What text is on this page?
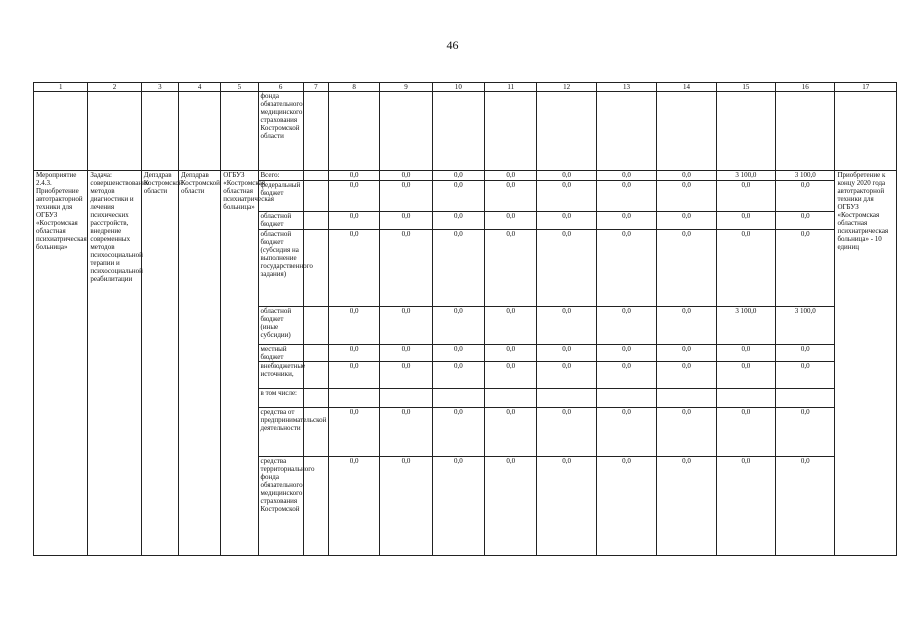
46
1	2	3	4	5	6	7	8	9	10	11	12	13	14	15	16	17
					фонда обязательного медицинского страхования Костромской области											
Мероприятие 2.4.3. Приобретение автотракторной техники для ОГБУЗ «Костромская областная психиатрическая больница»	Задача: совершенствование методов диагностики и лечения психических расстройств, внедрение современных методов психосоциальной терапии и психосоциальной реабилитации	Депздрав Костромской области	Депздрав Костромской области	ОГБУЗ «Костромская областная психиатрическая больница»	Всего:		0,0	0,0	0,0	0,0	0,0	0,0	0,0	3 100,0	3 100,0	Приобретение к концу 2020 года автотракторной техники для ОГБУЗ «Костромская областная психиатрическая больница» - 10 единиц
					федеральный бюджет		0,0	0,0	0,0	0,0	0,0	0,0	0,0	0,0	0,0	
					областной бюджет		0,0	0,0	0,0	0,0	0,0	0,0	0,0	0,0	0,0	
					областной бюджет (субсидия на выполнение государственного задания)		0,0	0,0	0,0	0,0	0,0	0,0	0,0	0,0	0,0	
					областной бюджет (иные субсидии)		0,0	0,0	0,0	0,0	0,0	0,0	0,0	3 100,0	3 100,0	
					местный бюджет		0,0	0,0	0,0	0,0	0,0	0,0	0,0	0,0	0,0	
					внебюджетные источники,		0,0	0,0	0,0	0,0	0,0	0,0	0,0	0,0	0,0	
					в том числе:											
					средства от предпринимательской деятельности		0,0	0,0	0,0	0,0	0,0	0,0	0,0	0,0	0,0	
					средства территориального фонда обязательного медицинского страхования Костромской		0,0	0,0	0,0	0,0	0,0	0,0	0,0	0,0	0,0	
